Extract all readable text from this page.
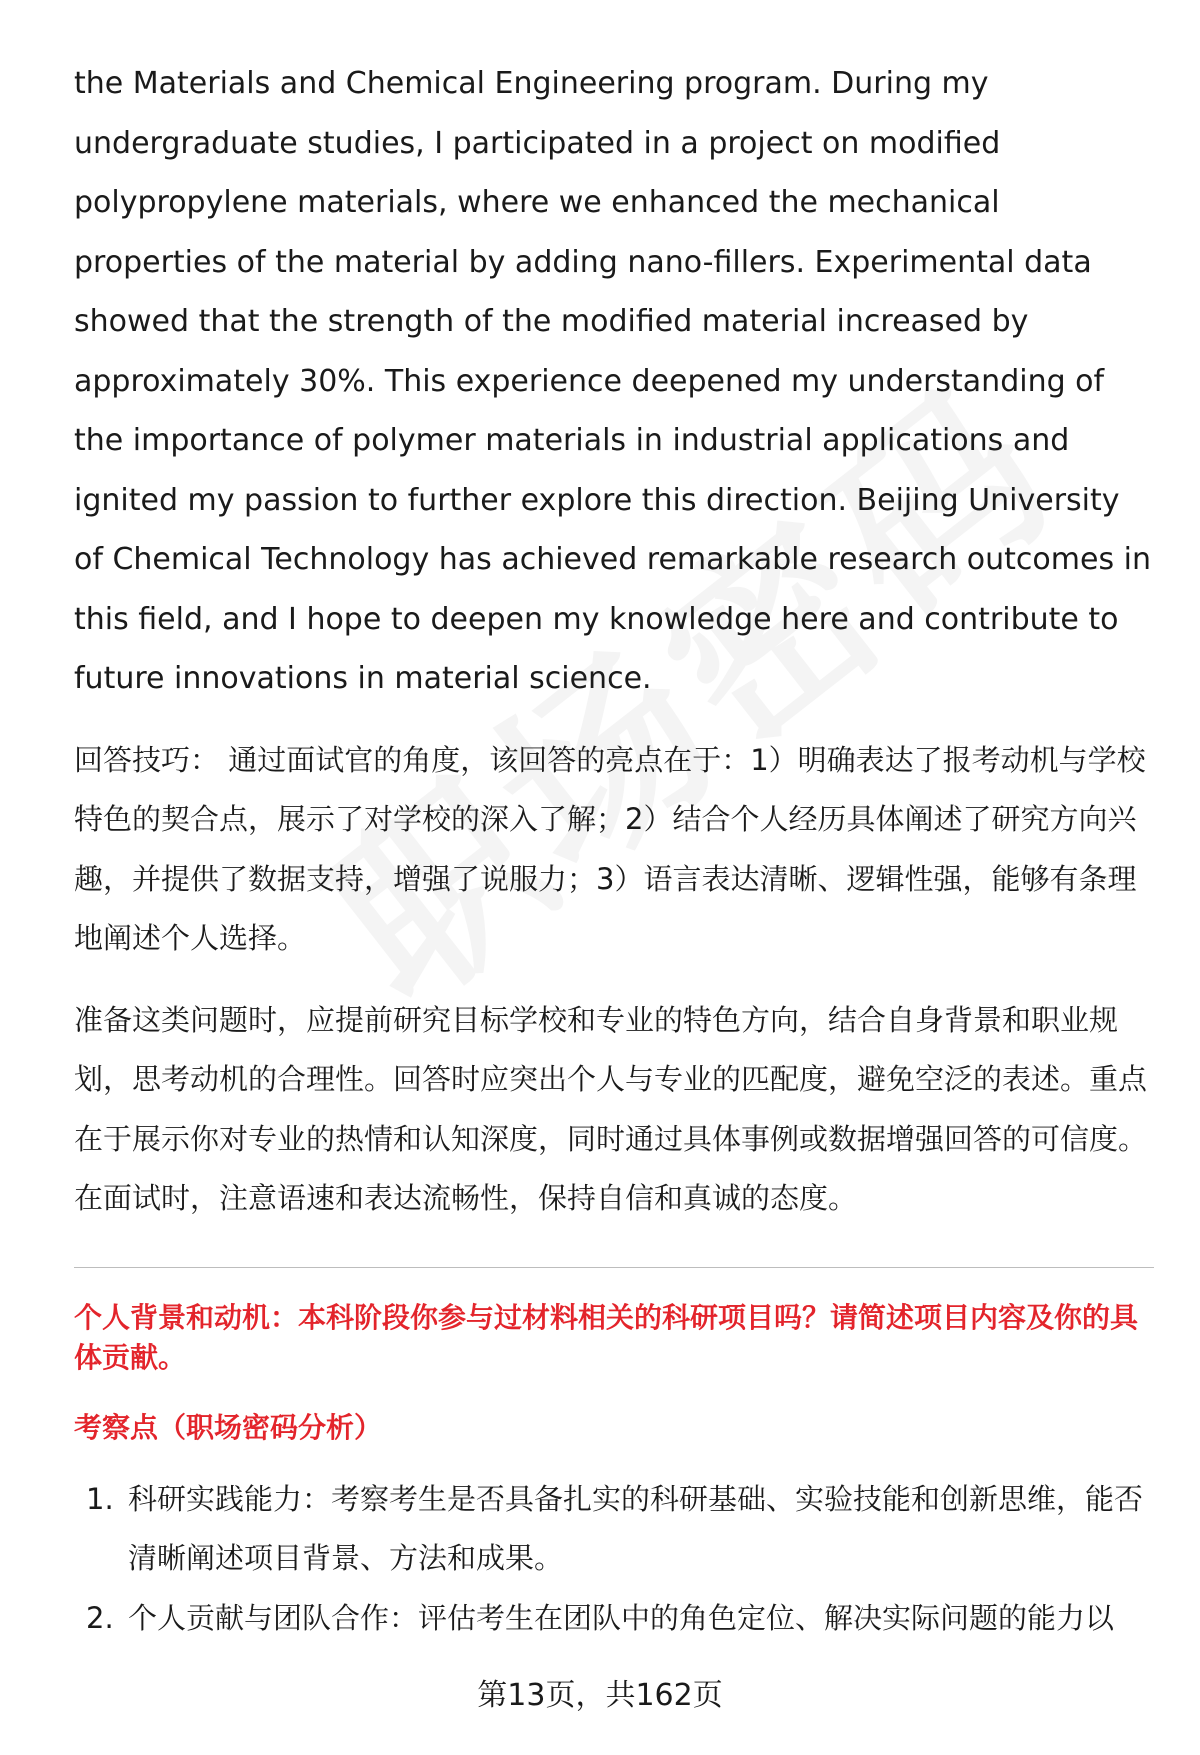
the Materials and Chemical Engineering program. During my undergraduate studies, I participated in a project on modified polypropylene materials, where we enhanced the mechanical properties of the material by adding nano-fillers. Experimental data showed that the strength of the modified material increased by approximately 30%. This experience deepened my understanding of the importance of polymer materials in industrial applications and ignited my passion to further explore this direction. Beijing University of Chemical Technology has achieved remarkable research outcomes in this field, and I hope to deepen my knowledge here and contribute to future innovations in material science.

回答技巧： 通过面试官的角度，该回答的亮点在于：1）明确表达了报考动机与学校特色的契合点，展示了对学校的深入了解；2）结合个人经历具体阐述了研究方向兴趣，并提供了数据支持，增强了说服力；3）语言表达清晰、逻辑性强，能够有条理地阐述个人选择。

准备这类问题时，应提前研究目标学校和专业的特色方向，结合自身背景和职业规划，思考动机的合理性。回答时应突出个人与专业的匹配度，避免空泛的表述。重点在于展示你对专业的热情和认知深度，同时通过具体事例或数据增强回答的可信度。在面试时，注意语速和表达流畅性，保持自信和真诚的态度。

个人背景和动机：本科阶段你参与过材料相关的科研项目吗？请简述项目内容及你的具体贡献。

考察点（职场密码分析）

1. 科研实践能力：考察考生是否具备扎实的科研基础、实验技能和创新思维，能否清晰阐述项目背景、方法和成果。
2. 个人贡献与团队合作：评估考生在团队中的角色定位、解决实际问题的能力以
第13页，共162页
